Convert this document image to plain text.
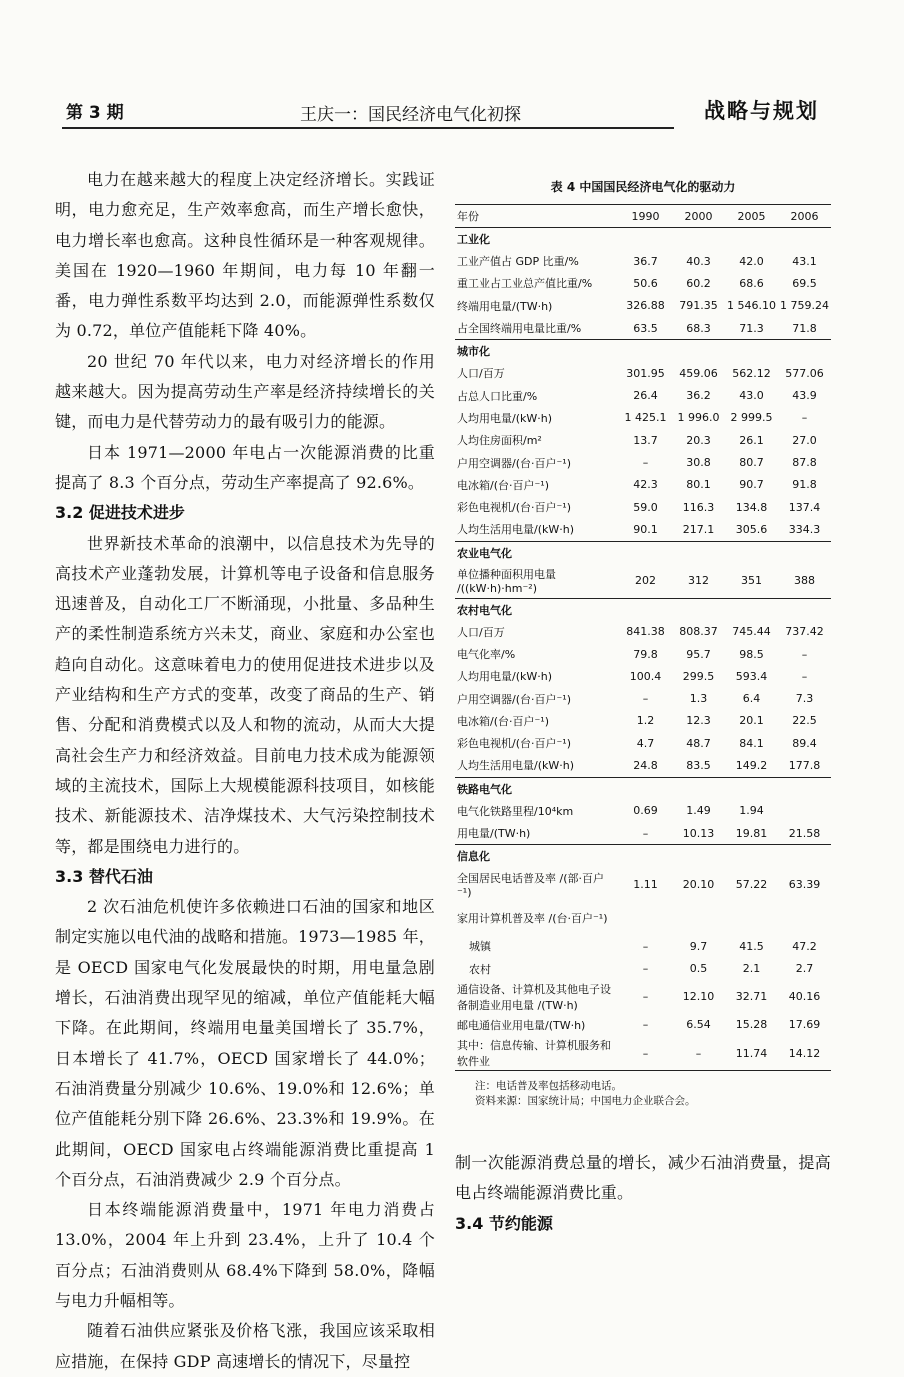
第 3 期	王庆一：国民经济电气化初探	战略与规划

电力在越来越大的程度上决定经济增长。实践证明，电力愈充足，生产效率愈高，而生产增长愈快，电力增长率也愈高。这种良性循环是一种客观规律。美国在 1920—1960 年期间，电力每 10 年翻一番，电力弹性系数平均达到 2.0，而能源弹性系数仅为 0.72，单位产值能耗下降 40%。

20 世纪 70 年代以来，电力对经济增长的作用越来越大。因为提高劳动生产率是经济持续增长的关键，而电力是代替劳动力的最有吸引力的能源。

日本 1971—2000 年电占一次能源消费的比重提高了 8.3 个百分点，劳动生产率提高了 92.6%。

3.2 促进技术进步

世界新技术革命的浪潮中，以信息技术为先导的高技术产业蓬勃发展，计算机等电子设备和信息服务迅速普及，自动化工厂不断涌现，小批量、多品种生产的柔性制造系统方兴未艾，商业、家庭和办公室也趋向自动化。这意味着电力的使用促进技术进步以及产业结构和生产方式的变革，改变了商品的生产、销售、分配和消费模式以及人和物的流动，从而大大提高社会生产力和经济效益。目前电力技术成为能源领域的主流技术，国际上大规模能源科技项目，如核能技术、新能源技术、洁净煤技术、大气污染控制技术等，都是围绕电力进行的。

3.3 替代石油

2 次石油危机使许多依赖进口石油的国家和地区制定实施以电代油的战略和措施。1973—1985 年，是 OECD 国家电气化发展最快的时期，用电量急剧增长，石油消费出现罕见的缩减，单位产值能耗大幅下降。在此期间，终端用电量美国增长了 35.7%，日本增长了 41.7%，OECD 国家增长了 44.0%；石油消费量分别减少 10.6%、19.0%和 12.6%；单位产值能耗分别下降 26.6%、23.3%和 19.9%。在此期间，OECD 国家电占终端能源消费比重提高 1 个百分点，石油消费减少 2.9 个百分点。

日本终端能源消费量中，1971 年电力消费占 13.0%，2004 年上升到 23.4%，上升了 10.4 个百分点；石油消费则从 68.4%下降到 58.0%，降幅与电力升幅相等。

随着石油供应紧张及价格飞涨，我国应该采取相应措施，在保持 GDP 高速增长的情况下，尽量控

表 4 中国国民经济电气化的驱动力

年份	1990	2000	2005	2006
工业化				
工业产值占 GDP 比重/%	36.7	40.3	42.0	43.1
重工业占工业总产值比重/%	50.6	60.2	68.6	69.5
终端用电量/(TW·h)	326.88	791.35	1 546.10	1 759.24
占全国终端用电量比重/%	63.5	68.3	71.3	71.8
城市化				
人口/百万	301.95	459.06	562.12	577.06
占总人口比重/%	26.4	36.2	43.0	43.9
人均用电量/(kW·h)	1 425.1	1 996.0	2 999.5	–
人均住房面积/m²	13.7	20.3	26.1	27.0
户用空调器/(台·百户⁻¹)	–	30.8	80.7	87.8
电冰箱/(台·百户⁻¹)	42.3	80.1	90.7	91.8
彩色电视机/(台·百户⁻¹)	59.0	116.3	134.8	137.4
人均生活用电量/(kW·h)	90.1	217.1	305.6	334.3
农业电气化				
单位播种面积用电量 /((kW·h)·hm⁻²)	202	312	351	388
农村电气化				
人口/百万	841.38	808.37	745.44	737.42
电气化率/%	79.8	95.7	98.5	–
人均用电量/(kW·h)	100.4	299.5	593.4	–
户用空调器/(台·百户⁻¹)	–	1.3	6.4	7.3
电冰箱/(台·百户⁻¹)	1.2	12.3	20.1	22.5
彩色电视机/(台·百户⁻¹)	4.7	48.7	84.1	89.4
人均生活用电量/(kW·h)	24.8	83.5	149.2	177.8
铁路电气化				
电气化铁路里程/10⁴km	0.69	1.49	1.94	
用电量/(TW·h)	–	10.13	19.81	21.58
信息化				
全国居民电话普及率 /(部·百户⁻¹)	1.11	20.10	57.22	63.39
家用计算机普及率 /(台·百户⁻¹)				
城镇	–	9.7	41.5	47.2
农村	–	0.5	2.1	2.7
通信设备、计算机及其他电子设备制造业用电量 /(TW·h)	–	12.10	32.71	40.16
邮电通信业用电量/(TW·h)	–	6.54	15.28	17.69
其中：信息传输、计算机服务和软件业	–	–	11.74	14.12

注：电话普及率包括移动电话。

资料来源：国家统计局；中国电力企业联合会。

制一次能源消费总量的增长，减少石油消费量，提高电占终端能源消费比重。

3.4 节约能源
